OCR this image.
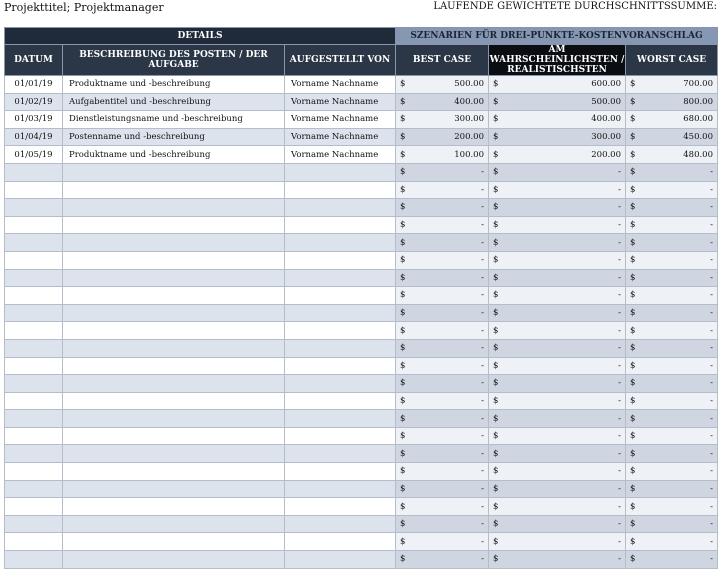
Projekttitel; Projektmanager	LAUFENDE GEWICHTETE DURCHSCHNITTSSUMME:
DETAILS			SZENARIEN FÜR DREI-PUNKTE-KOSTENVORANSCHLAG		
DATUM	BESCHREIBUNG DES POSTEN / DER AUFGABE	AUFGESTELLT VON	BEST CASE	AM WAHRSCHEINLICHSTEN / REALISTISCHSTEN	WORST CASE
01/01/19	Produktname und -beschreibung	Vorname Nachname	$ 500.00	$ 600.00	$ 700.00

01/02/19	Aufgabentitel und -beschreibung	Vorname Nachname	$ 400.00	$ 500.00	$ 800.00

01/03/19	Dienstleistungsname und -beschreibung	Vorname Nachname	$ 300.00	$ 400.00	$ 680.00

01/04/19	Postenname und -beschreibung	Vorname Nachname	$ 200.00	$ 300.00	$ 450.00

01/05/19	Produktname und -beschreibung	Vorname Nachname	$ 100.00	$ 200.00	$ 480.00

			$ -	$ -	$ -

			$ -	$ -	$ -

			$ -	$ -	$ -

			$ -	$ -	$ -

			$ -	$ -	$ -

			$ -	$ -	$ -

			$ -	$ -	$ -

			$ -	$ -	$ -

			$ -	$ -	$ -

			$ -	$ -	$ -

			$ -	$ -	$ -

			$ -	$ -	$ -

			$ -	$ -	$ -

			$ -	$ -	$ -

			$ -	$ -	$ -

			$ -	$ -	$ -

			$ -	$ -	$ -

			$ -	$ -	$ -

			$ -	$ -	$ -

			$ -	$ -	$ -

			$ -	$ -	$ -

			$ -	$ -	$ -

			$ -	$ -	$ -
